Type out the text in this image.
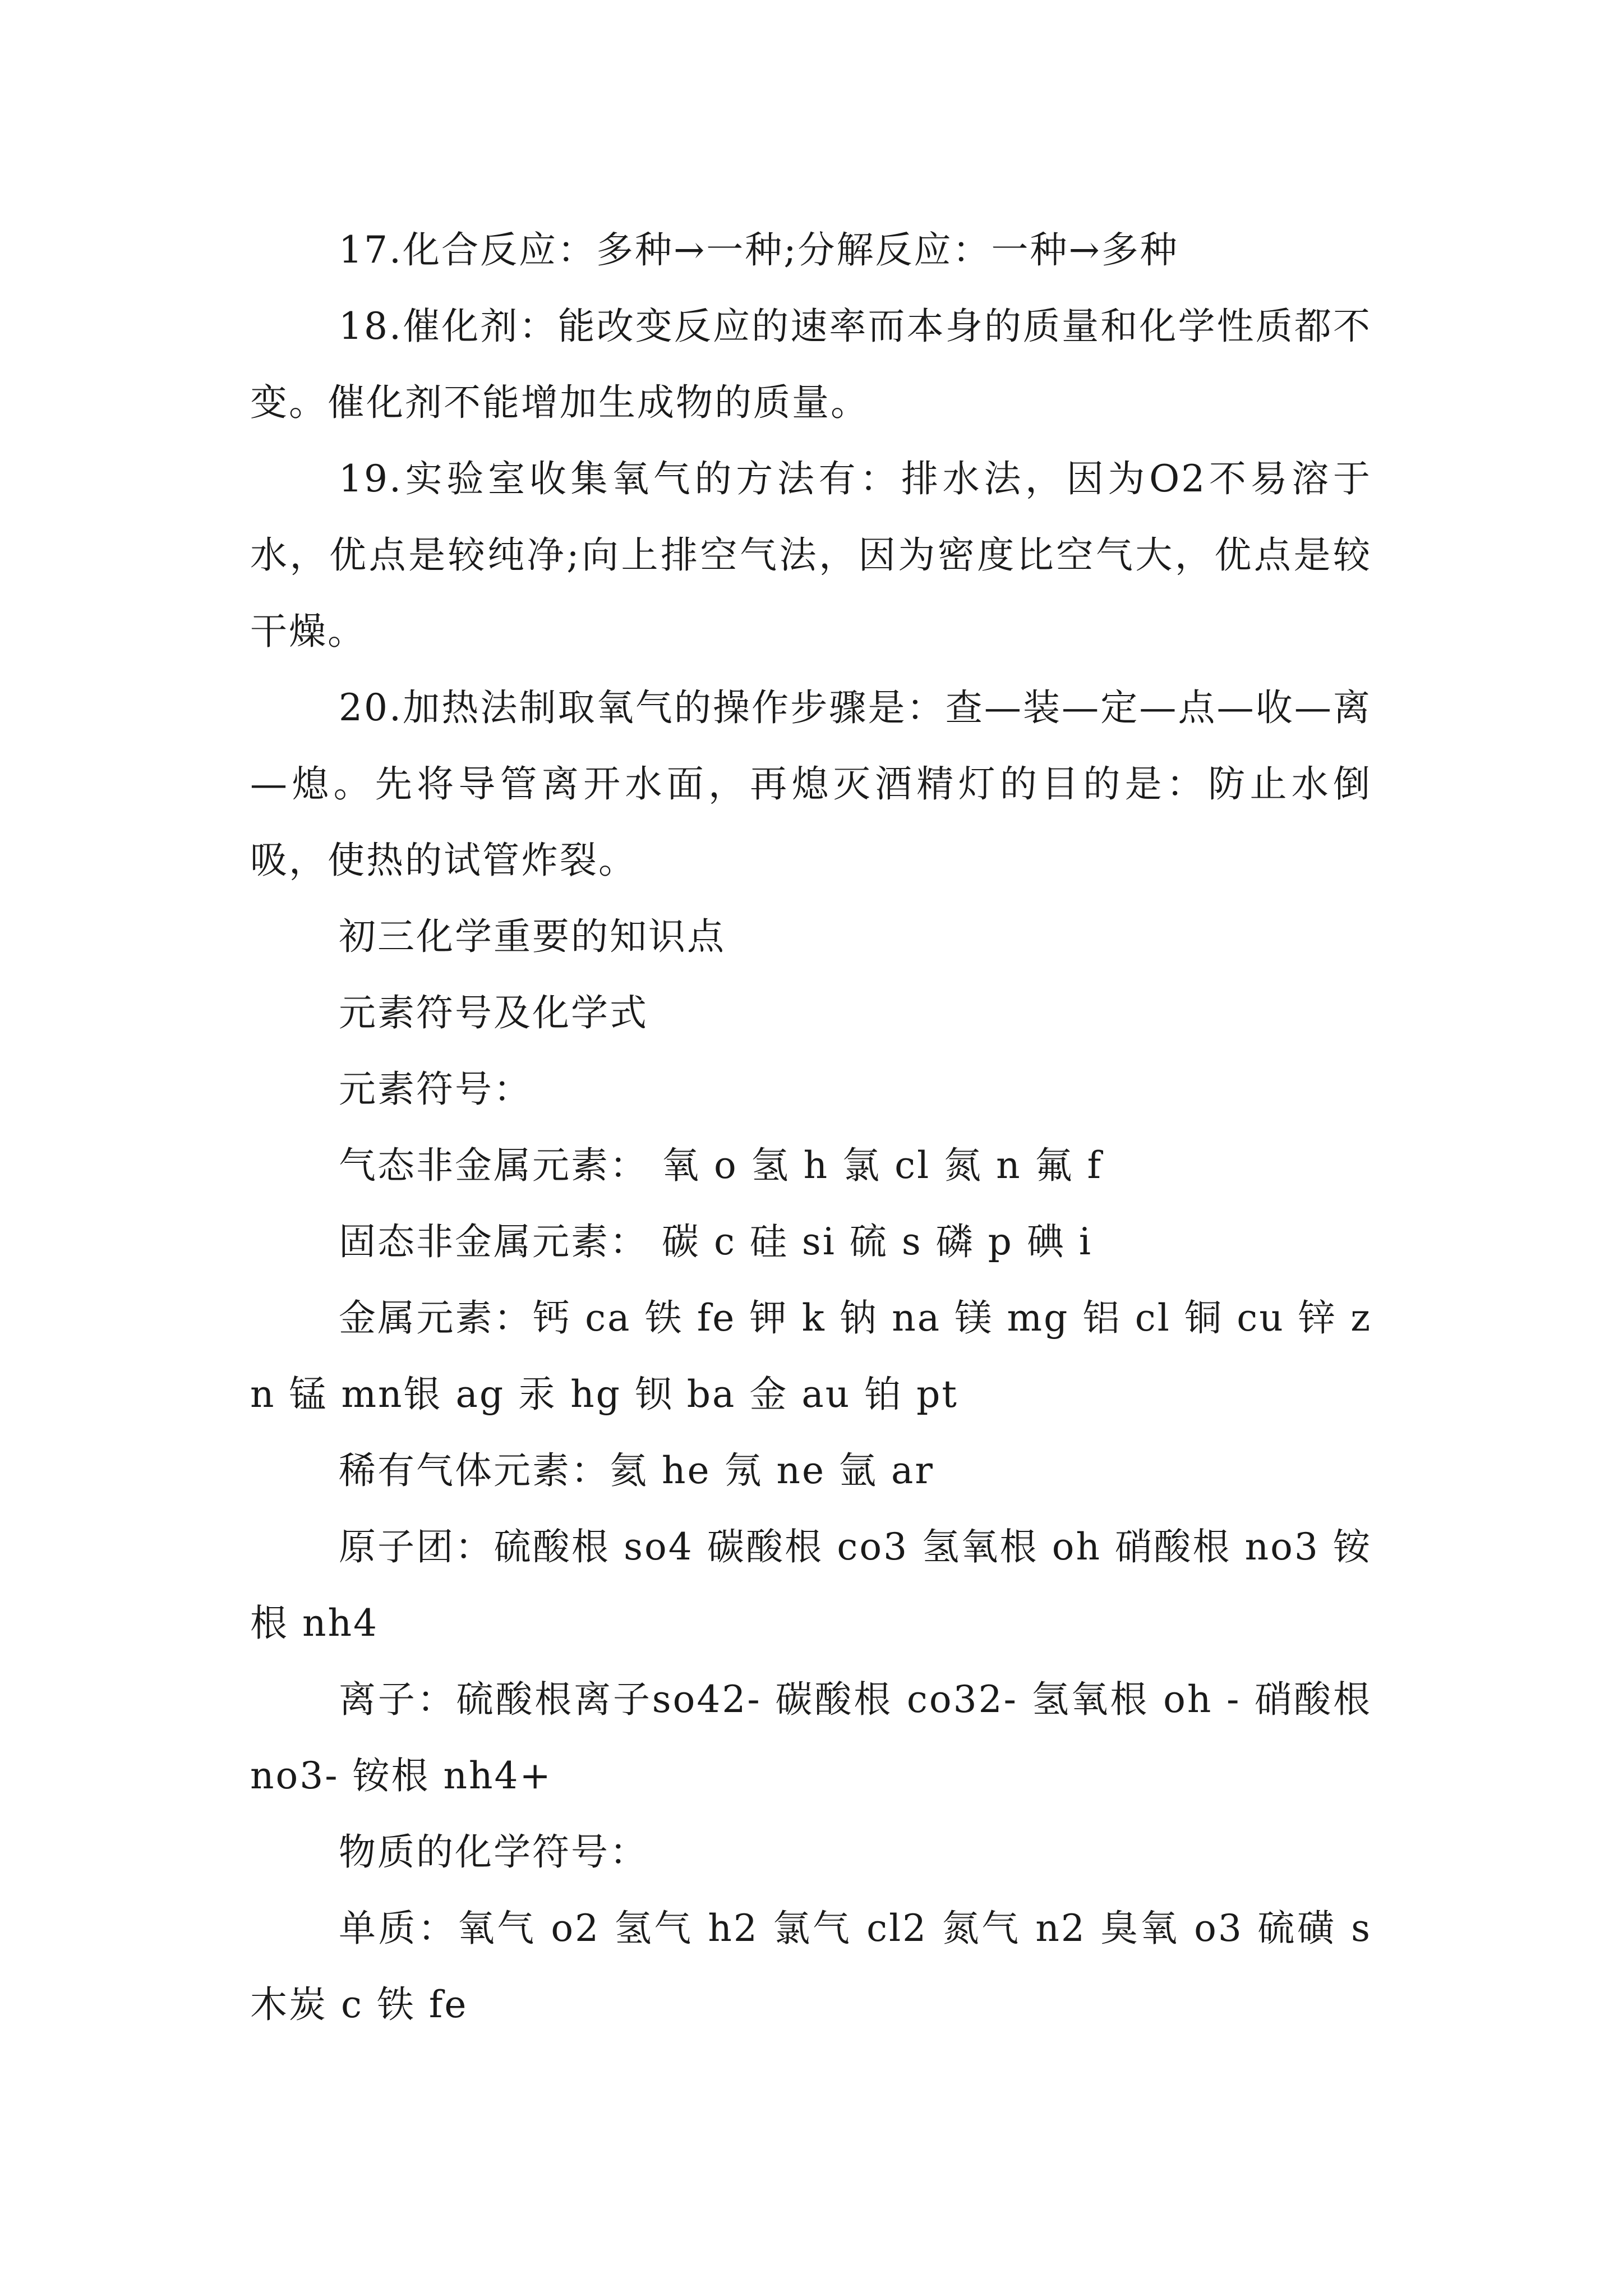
17.化合反应：多种→一种;分解反应：一种→多种

18.催化剂：能改变反应的速率而本身的质量和化学性质都不变。催化剂不能增加生成物的质量。

19.实验室收集氧气的方法有：排水法，因为O2不易溶于水，优点是较纯净;向上排空气法，因为密度比空气大，优点是较干燥。

20.加热法制取氧气的操作步骤是：查—装—定—点—收—离—熄。先将导管离开水面，再熄灭酒精灯的目的是：防止水倒吸，使热的试管炸裂。

初三化学重要的知识点

元素符号及化学式

元素符号：

气态非金属元素： 氧 o 氢 h 氯 cl 氮 n 氟 f

固态非金属元素： 碳 c 硅 si 硫 s 磷 p 碘 i

金属元素：钙 ca 铁 fe 钾 k 钠 na 镁 mg 铝 cl 铜 cu 锌 zn 锰 mn银 ag 汞 hg 钡 ba 金 au 铂 pt

稀有气体元素：氦 he 氖 ne 氩 ar

原子团：硫酸根 so4 碳酸根 co3 氢氧根 oh 硝酸根 no3 铵根 nh4

离子：硫酸根离子so42- 碳酸根 co32- 氢氧根 oh - 硝酸根 no3- 铵根 nh4+

物质的化学符号：

单质：氧气 o2 氢气 h2 氯气 cl2 氮气 n2 臭氧 o3 硫磺 s 木炭 c 铁 fe
